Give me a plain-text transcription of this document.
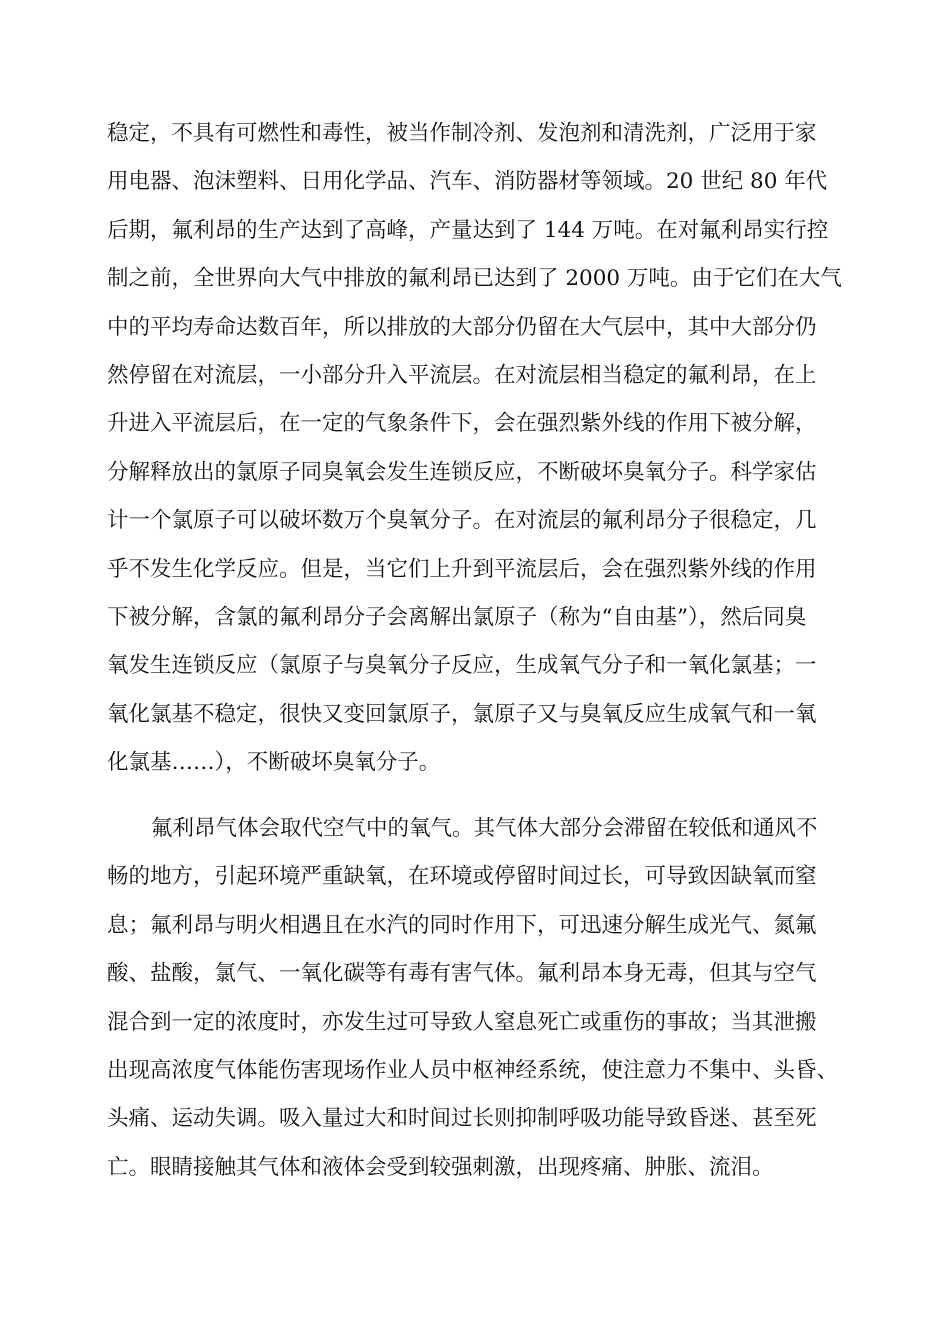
稳定，不具有可燃性和毒性，被当作制冷剂、发泡剂和清洗剂，广泛用于家
用电器、泡沫塑料、日用化学品、汽车、消防器材等领域。20 世纪 80 年代
后期，氟利昂的生产达到了高峰，产量达到了 144 万吨。在对氟利昂实行控
制之前，全世界向大气中排放的氟利昂已达到了 2000 万吨。由于它们在大气
中的平均寿命达数百年，所以排放的大部分仍留在大气层中，其中大部分仍
然停留在对流层，一小部分升入平流层。在对流层相当稳定的氟利昂，在上
升进入平流层后，在一定的气象条件下，会在强烈紫外线的作用下被分解，
分解释放出的氯原子同臭氧会发生连锁反应，不断破坏臭氧分子。科学家估
计一个氯原子可以破坏数万个臭氧分子。在对流层的氟利昂分子很稳定，几
乎不发生化学反应。但是，当它们上升到平流层后，会在强烈紫外线的作用
下被分解，含氯的氟利昂分子会离解出氯原子（称为“自由基”），然后同臭
氧发生连锁反应（氯原子与臭氧分子反应，生成氧气分子和一氧化氯基；一
氧化氯基不稳定，很快又变回氯原子，氯原子又与臭氧反应生成氧气和一氧
化氯基……），不断破坏臭氧分子。
氟利昂气体会取代空气中的氧气。其气体大部分会滞留在较低和通风不
畅的地方，引起环境严重缺氧，在环境或停留时间过长，可导致因缺氧而窒
息；氟利昂与明火相遇且在水汽的同时作用下，可迅速分解生成光气、氮氟
酸、盐酸，氯气、一氧化碳等有毒有害气体。氟利昂本身无毒，但其与空气
混合到一定的浓度时，亦发生过可导致人窒息死亡或重伤的事故；当其泄搬
出现高浓度气体能伤害现场作业人员中枢神经系统，使注意力不集中、头昏、
头痛、运动失调。吸入量过大和时间过长则抑制呼吸功能导致昏迷、甚至死
亡。眼睛接触其气体和液体会受到较强刺激，出现疼痛、肿胀、流泪。
